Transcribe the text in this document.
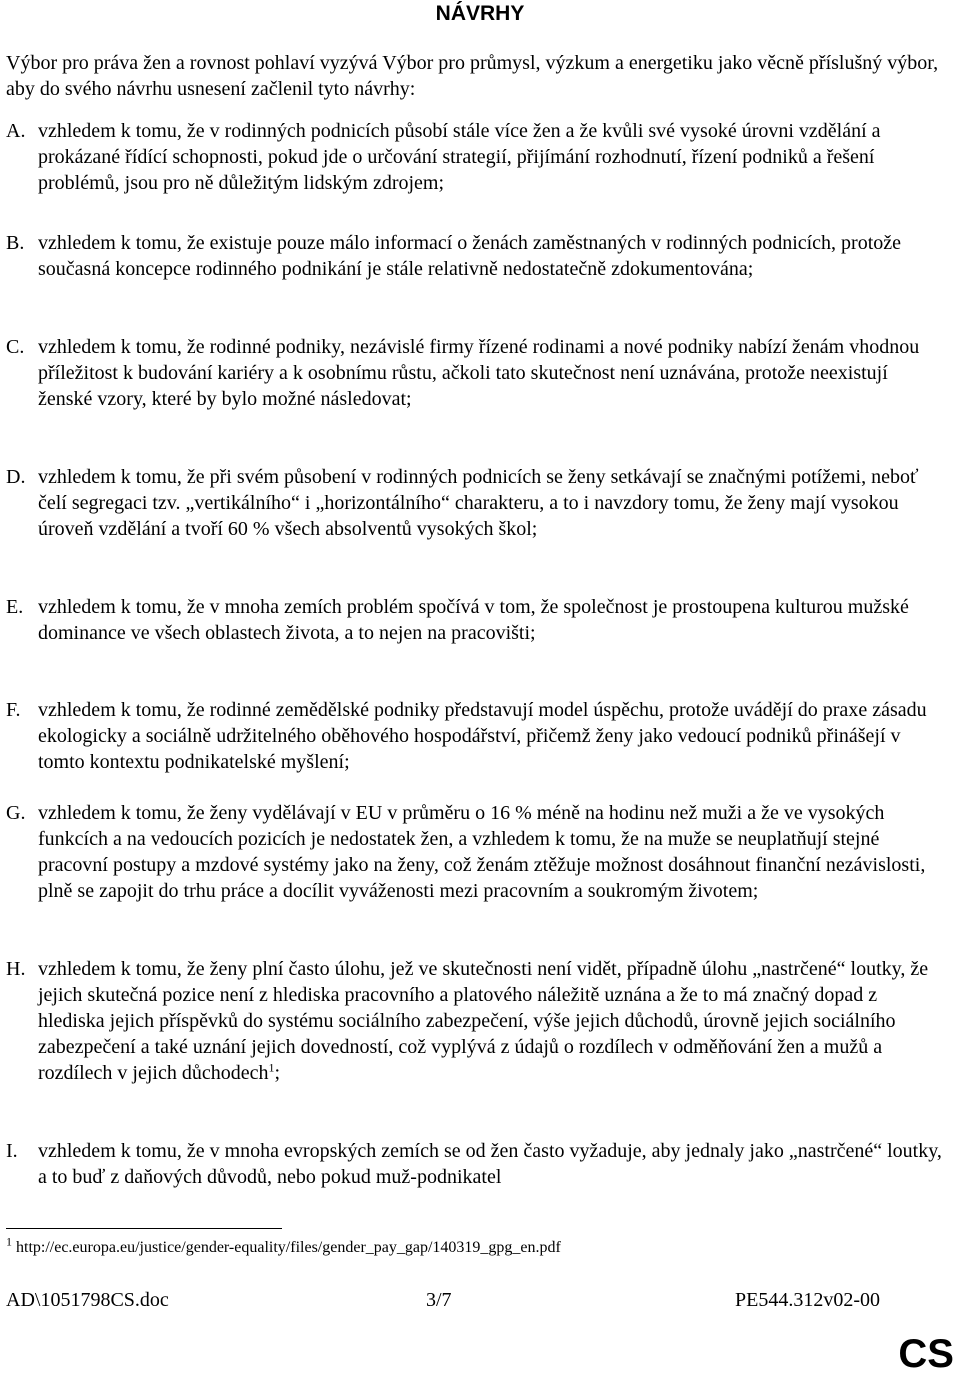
NÁVRHY
Výbor pro práva žen a rovnost pohlaví vyzývá Výbor pro průmysl, výzkum a energetiku jako věcně příslušný výbor, aby do svého návrhu usnesení začlenil tyto návrhy:
A. vzhledem k tomu, že v rodinných podnicích působí stále více žen a že kvůli své vysoké úrovni vzdělání a prokázané řídící schopnosti, pokud jde o určování strategií, přijímání rozhodnutí, řízení podniků a řešení problémů, jsou pro ně důležitým lidským zdrojem;
B. vzhledem k tomu, že existuje pouze málo informací o ženách zaměstnaných v rodinných podnicích, protože současná koncepce rodinného podnikání je stále relativně nedostatečně zdokumentována;
C. vzhledem k tomu, že rodinné podniky, nezávislé firmy řízené rodinami a nové podniky nabízí ženám vhodnou příležitost k budování kariéry a k osobnímu růstu, ačkoli tato skutečnost není uznávána, protože neexistují ženské vzory, které by bylo možné následovat;
D. vzhledem k tomu, že při svém působení v rodinných podnicích se ženy setkávají se značnými potížemi, neboť čelí segregaci tzv. „vertikálního“ i „horizontálního“ charakteru, a to i navzdory tomu, že ženy mají vysokou úroveň vzdělání a tvoří 60 % všech absolventů vysokých škol;
E. vzhledem k tomu, že v mnoha zemích problém spočívá v tom, že společnost je prostoupena kulturou mužské dominance ve všech oblastech života, a to nejen na pracovišti;
F. vzhledem k tomu, že rodinné zemědělské podniky představují model úspěchu, protože uvádějí do praxe zásadu ekologicky a sociálně udržitelného oběhového hospodářství, přičemž ženy jako vedoucí podniků přinášejí v tomto kontextu podnikatelské myšlení;
G. vzhledem k tomu, že ženy vydělávají v EU v průměru o 16 % méně na hodinu než muži a že ve vysokých funkcích a na vedoucích pozicích je nedostatek žen, a vzhledem k tomu, že na muže se neuplatňují stejné pracovní postupy a mzdové systémy jako na ženy, což ženám ztěžuje možnost dosáhnout finanční nezávislosti, plně se zapojit do trhu práce a docílit vyváženosti mezi pracovním a soukromým životem;
H. vzhledem k tomu, že ženy plní často úlohu, jež ve skutečnosti není vidět, případně úlohu „nastrčené“ loutky, že jejich skutečná pozice není z hlediska pracovního a platového náležitě uznána a že to má značný dopad z hlediska jejich příspěvků do systému sociálního zabezpečení, výše jejich důchodů, úrovně jejich sociálního zabezpečení a také uznání jejich dovedností, což vyplývá z údajů o rozdílech v odměňování žen a mužů a rozdílech v jejich důchodech$^1$;
I. vzhledem k tomu, že v mnoha evropských zemích se od žen často vyžaduje, aby jednaly jako „nastrčené“ loutky, a to buď z daňových důvodů, nebo pokud muž-podnikatel
$^1$ http://ec.europa.eu/justice/gender-equality/files/gender_pay_gap/140319_gpg_en.pdf
AD\1051798CS.doc	3/7	PE544.312v02-00
CS
